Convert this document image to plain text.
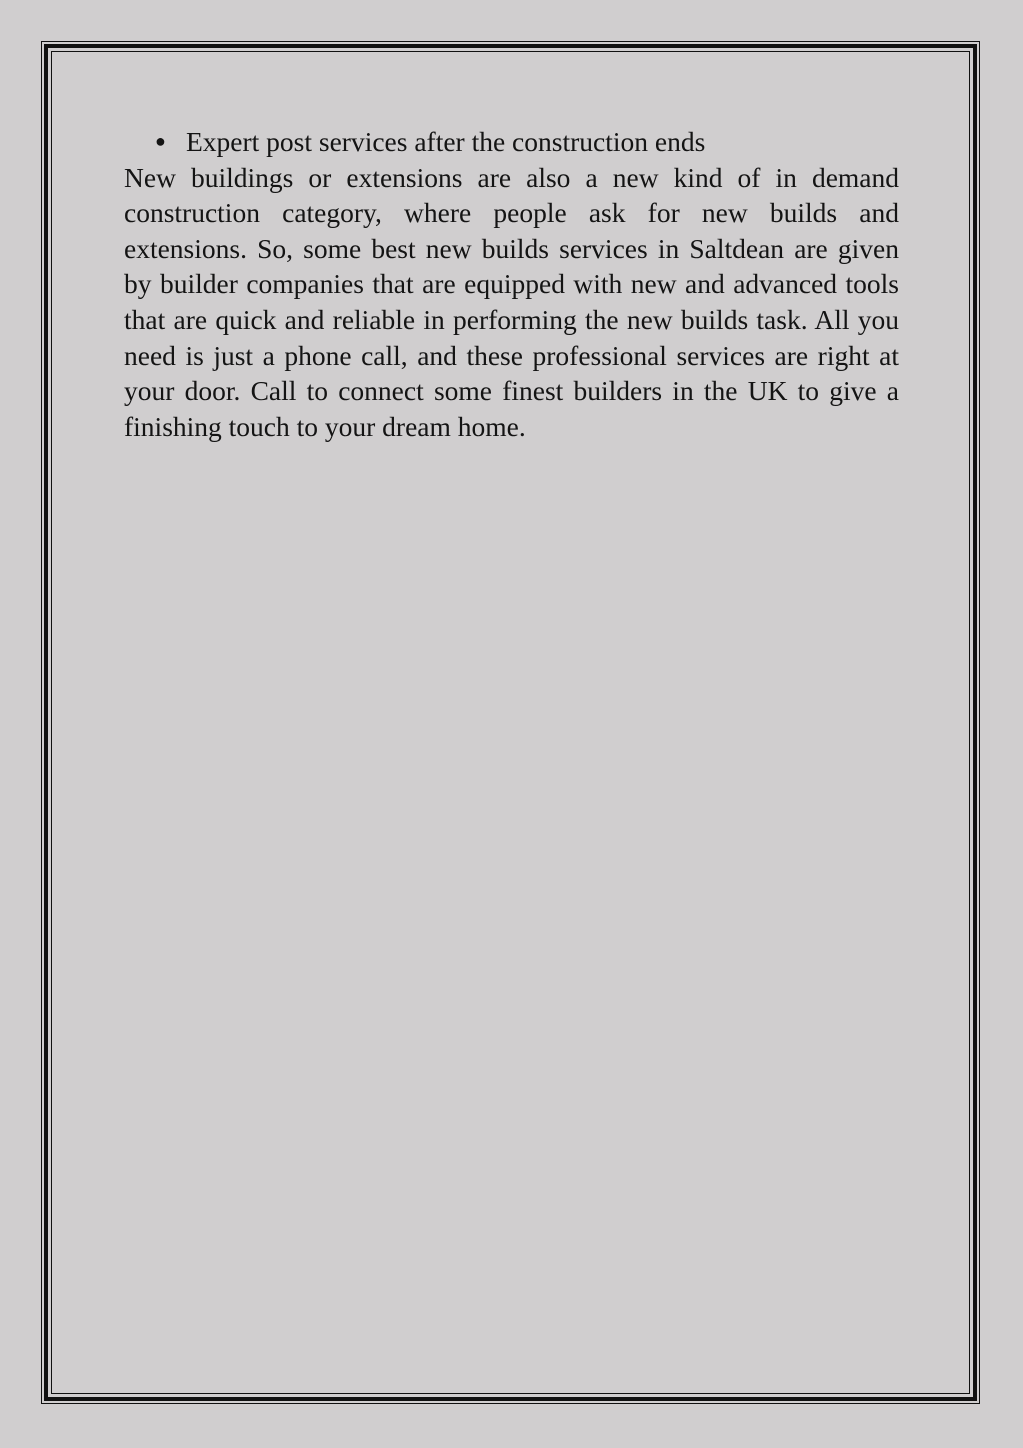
● Expert post services after the construction ends

New buildings or extensions are also a new kind of in demand construction category, where people ask for new builds and extensions. So, some best new builds services in Saltdean are given by builder companies that are equipped with new and advanced tools that are quick and reliable in performing the new builds task. All you need is just a phone call, and these professional services are right at your door. Call to connect some finest builders in the UK to give a finishing touch to your dream home.
